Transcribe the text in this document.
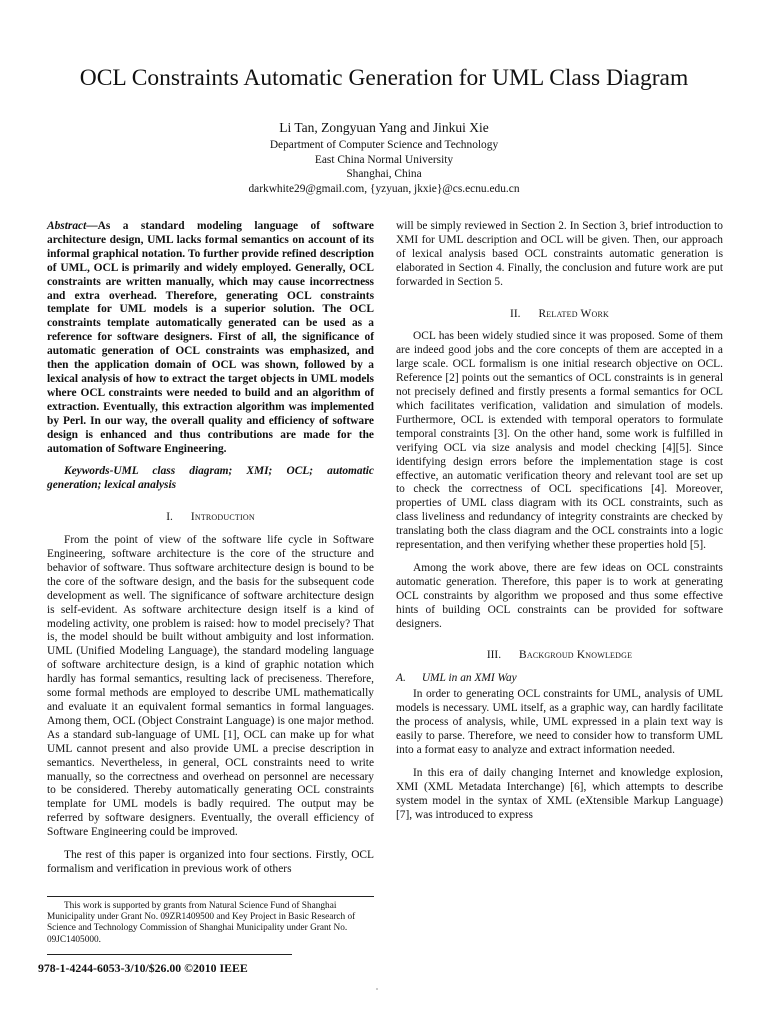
OCL Constraints Automatic Generation for UML Class Diagram
Li Tan, Zongyuan Yang and Jinkui Xie
Department of Computer Science and Technology
East China Normal University
Shanghai, China
darkwhite29@gmail.com, {yzyuan, jkxie}@cs.ecnu.edu.cn

Abstract—As a standard modeling language of software architecture design, UML lacks formal semantics on account of its informal graphical notation. To further provide refined description of UML, OCL is primarily and widely employed. Generally, OCL constraints are written manually, which may cause incorrectness and extra overhead. Therefore, generating OCL constraints template for UML models is a superior solution. The OCL constraints template automatically generated can be used as a reference for software designers. First of all, the significance of automatic generation of OCL constraints was emphasized, and then the application domain of OCL was shown, followed by a lexical analysis of how to extract the target objects in UML models where OCL constraints were needed to build and an algorithm of extraction. Eventually, this extraction algorithm was implemented by Perl. In our way, the overall quality and efficiency of software design is enhanced and thus contributions are made for the automation of Software Engineering.

Keywords-UML class diagram; XMI; OCL; automatic generation; lexical analysis

I. Introduction

From the point of view of the software life cycle in Software Engineering, software architecture is the core of the structure and behavior of software. Thus software architecture design is bound to be the core of the software design, and the basis for the subsequent code development as well. The significance of software architecture design is self-evident. As software architecture design itself is a kind of modeling activity, one problem is raised: how to model precisely? That is, the model should be built without ambiguity and lost information. UML (Unified Modeling Language), the standard modeling language of software architecture design, is a kind of graphic notation which hardly has formal semantics, resulting lack of preciseness. Therefore, some formal methods are employed to describe UML mathematically and evaluate it an equivalent formal semantics in formal languages. Among them, OCL (Object Constraint Language) is one major method. As a standard sub-language of UML [1], OCL can make up for what UML cannot present and also provide UML a precise description in semantics. Nevertheless, in general, OCL constraints need to write manually, so the correctness and overhead on personnel are necessary to be considered. Thereby automatically generating OCL constraints template for UML models is badly required. The output may be referred by software designers. Eventually, the overall efficiency of Software Engineering could be improved.

The rest of this paper is organized into four sections. Firstly, OCL formalism and verification in previous work of others

This work is supported by grants from Natural Science Fund of Shanghai Municipality under Grant No. 09ZR1409500 and Key Project in Basic Research of Science and Technology Commission of Shanghai Municipality under Grant No. 09JC1405000.
978-1-4244-6053-3/10/$26.00 ©2010 IEEE

will be simply reviewed in Section 2. In Section 3, brief introduction to XMI for UML description and OCL will be given. Then, our approach of lexical analysis based OCL constraints automatic generation is elaborated in Section 4. Finally, the conclusion and future work are put forwarded in Section 5.

II. Related Work

OCL has been widely studied since it was proposed. Some of them are indeed good jobs and the core concepts of them are accepted in a large scale. OCL formalism is one initial research objective on OCL. Reference [2] points out the semantics of OCL constraints is in general not precisely defined and firstly presents a formal semantics for OCL which facilitates verification, validation and simulation of models. Furthermore, OCL is extended with temporal operators to formulate temporal constraints [3]. On the other hand, some work is fulfilled in verifying OCL via size analysis and model checking [4][5]. Since identifying design errors before the implementation stage is cost effective, an automatic verification theory and relevant tool are set up to check the correctness of OCL specifications [4]. Moreover, properties of UML class diagram with its OCL constraints, such as class liveliness and redundancy of integrity constraints are checked by translating both the class diagram and the OCL constraints into a logic representation, and then verifying whether these properties hold [5].

Among the work above, there are few ideas on OCL constraints automatic generation. Therefore, this paper is to work at generating OCL constraints by algorithm we proposed and thus some effective hints of building OCL constraints can be provided for software designers.

III. Backgroud Knowledge
A. UML in an XMI Way

In order to generating OCL constraints for UML, analysis of UML models is necessary. UML itself, as a graphic way, can hardly facilitate the process of analysis, while, UML expressed in a plain text way is easily to parse. Therefore, we need to consider how to transform UML into a format easy to analyze and extract information needed.

In this era of daily changing Internet and knowledge explosion, XMI (XML Metadata Interchange) [6], which attempts to describe system model in the syntax of XML (eXtensible Markup Language) [7], was introduced to express
